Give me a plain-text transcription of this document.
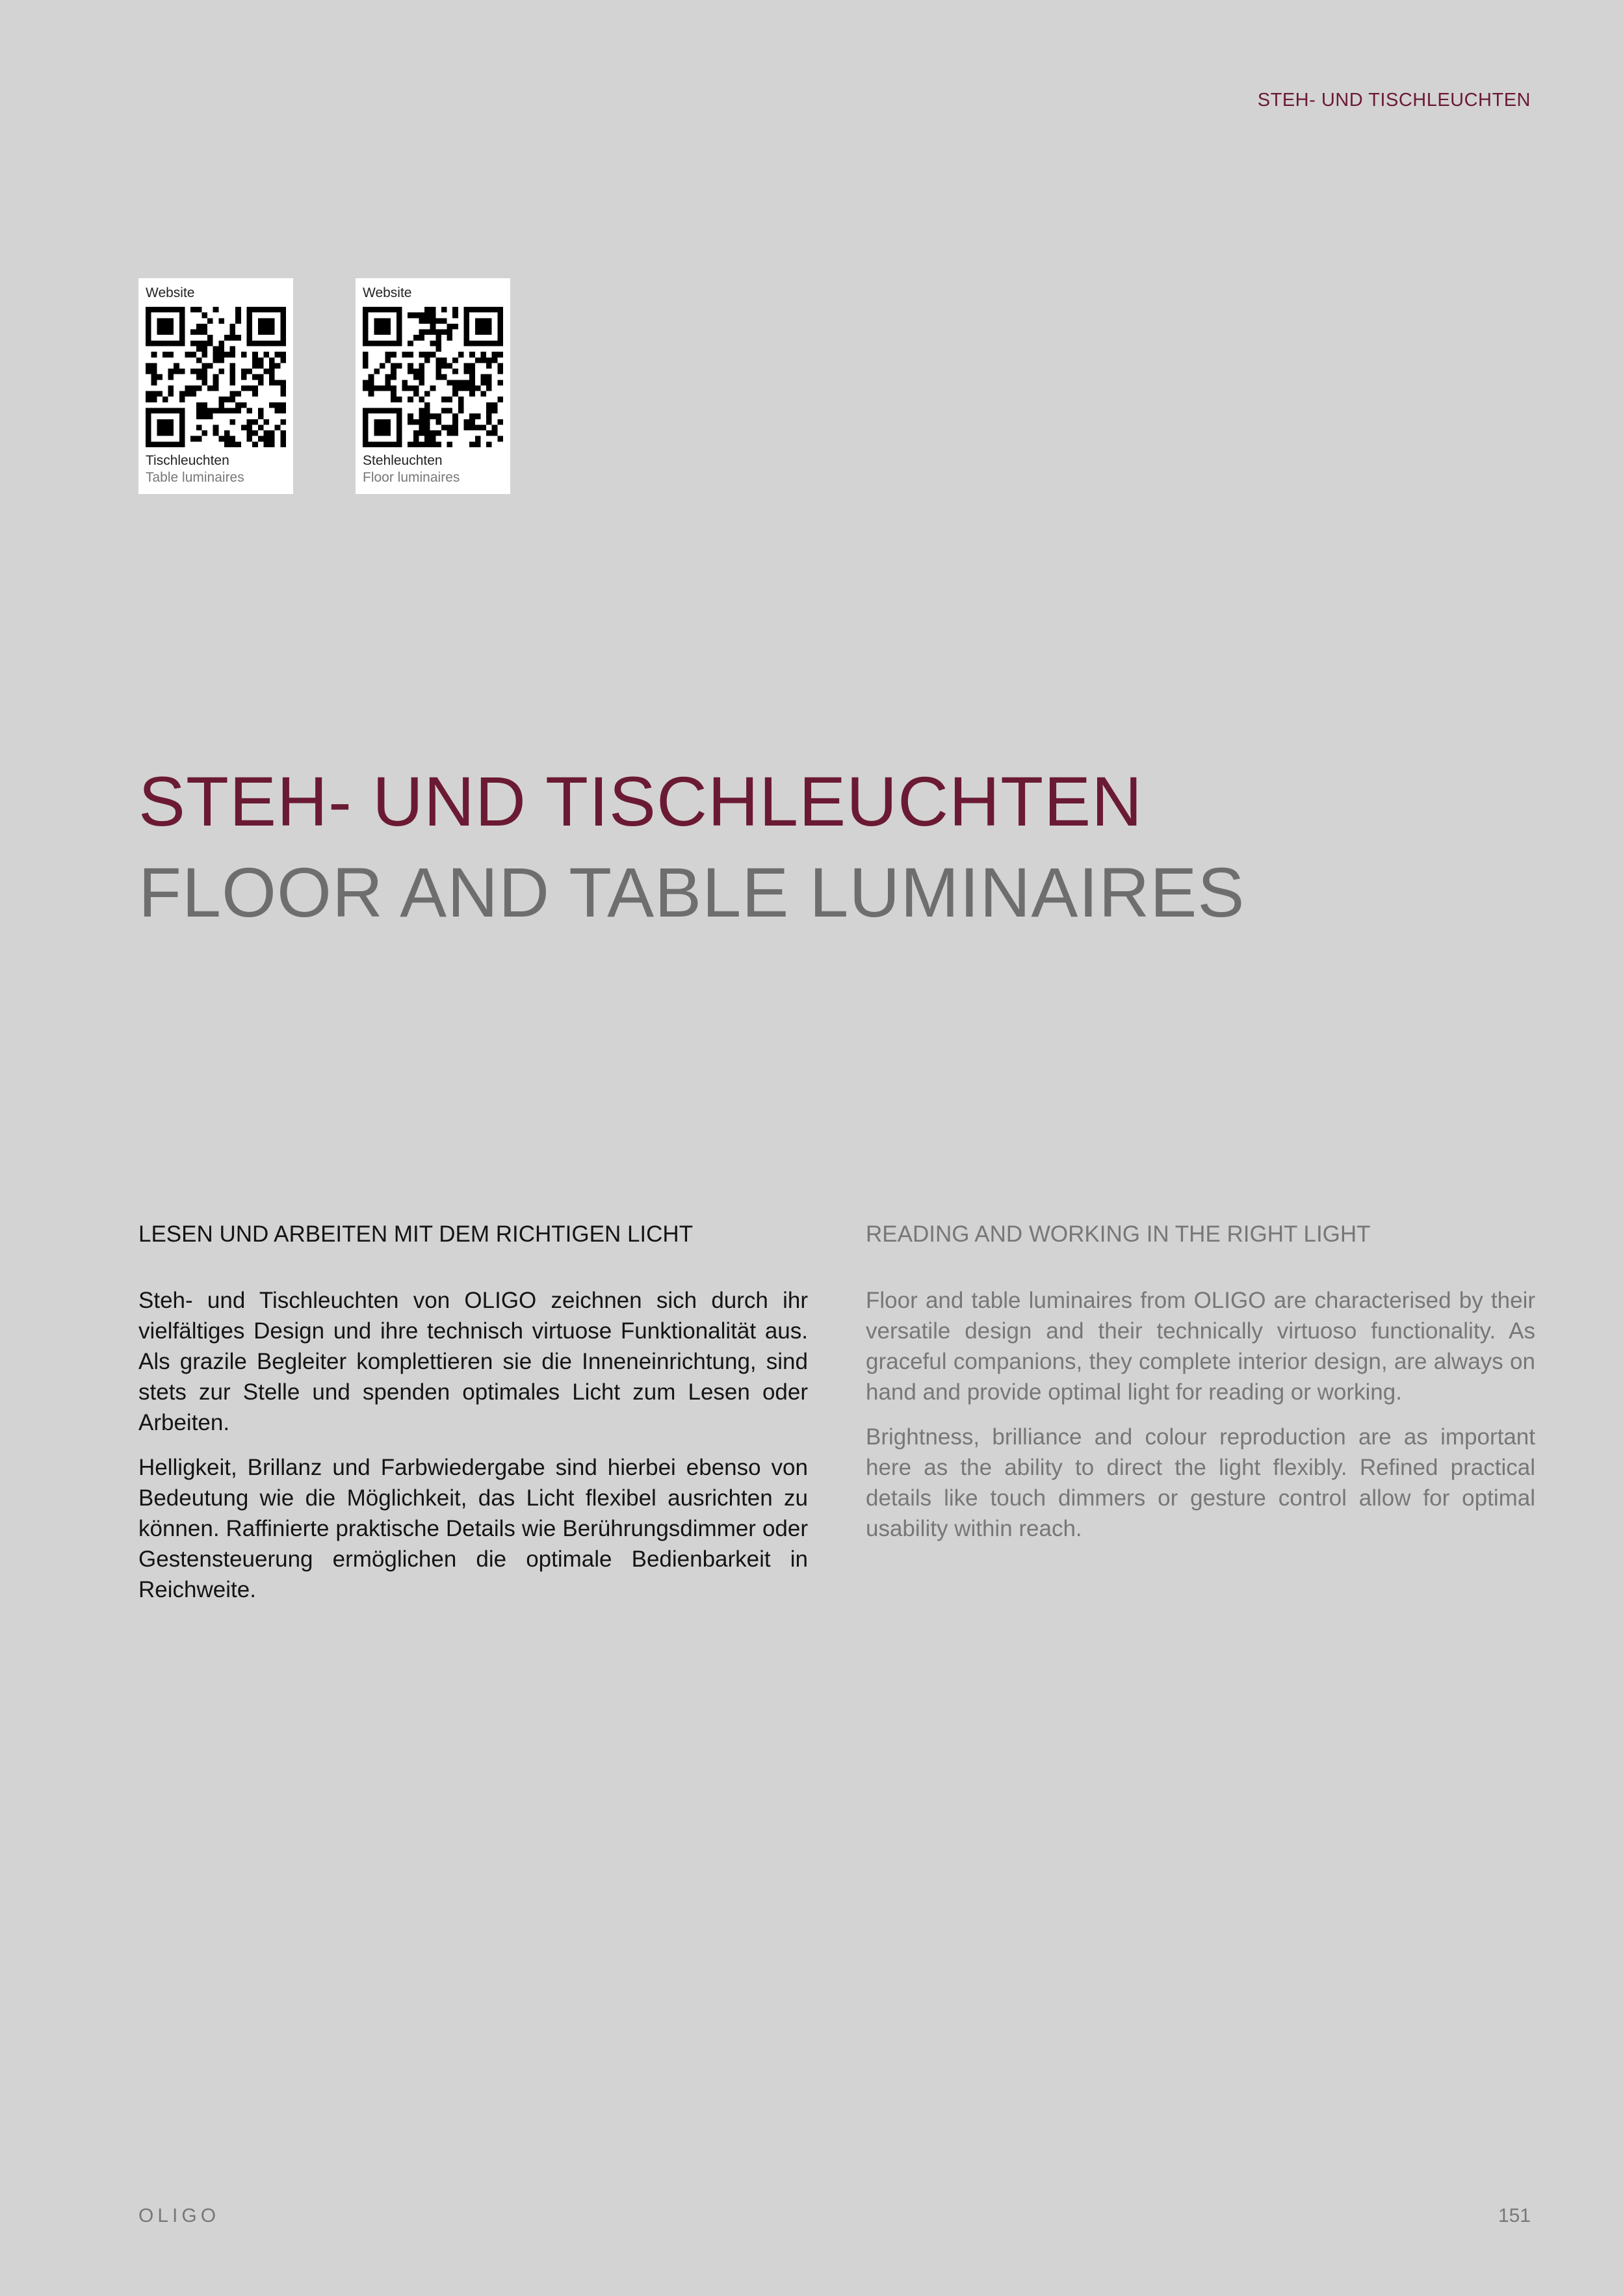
STEH- UND TISCHLEUCHTEN
Website
Tischleuchten
Table luminaires
Website
Stehleuchten
Floor luminaires
STEH- UND TISCHLEUCHTEN
FLOOR AND TABLE LUMINAIRES
LESEN UND ARBEITEN MIT DEM RICHTIGEN LICHT

Steh- und Tischleuchten von OLIGO zeichnen sich durch ihr vielfältiges Design und ihre technisch virtuose Funktionalität aus. Als grazile Begleiter komplettieren sie die Inneneinrichtung, sind stets zur Stelle und spenden optimales Licht zum Lesen oder Arbeiten.

Helligkeit, Brillanz und Farbwiedergabe sind hierbei ebenso von Bedeutung wie die Möglichkeit, das Licht flexibel ausrichten zu können. Raffinierte praktische Details wie Berührungsdimmer oder Gestensteuerung ermöglichen die optimale Bedienbarkeit in Reichweite.

READING AND WORKING IN THE RIGHT LIGHT

Floor and table luminaires from OLIGO are characterised by their versatile design and their technically virtuoso functionality. As graceful companions, they complete interior design, are always on hand and provide optimal light for reading or working.

Brightness, brilliance and colour reproduction are as important here as the ability to direct the light flexibly. Refined practical details like touch dimmers or gesture control allow for optimal usability within reach.

OLIGO	151
